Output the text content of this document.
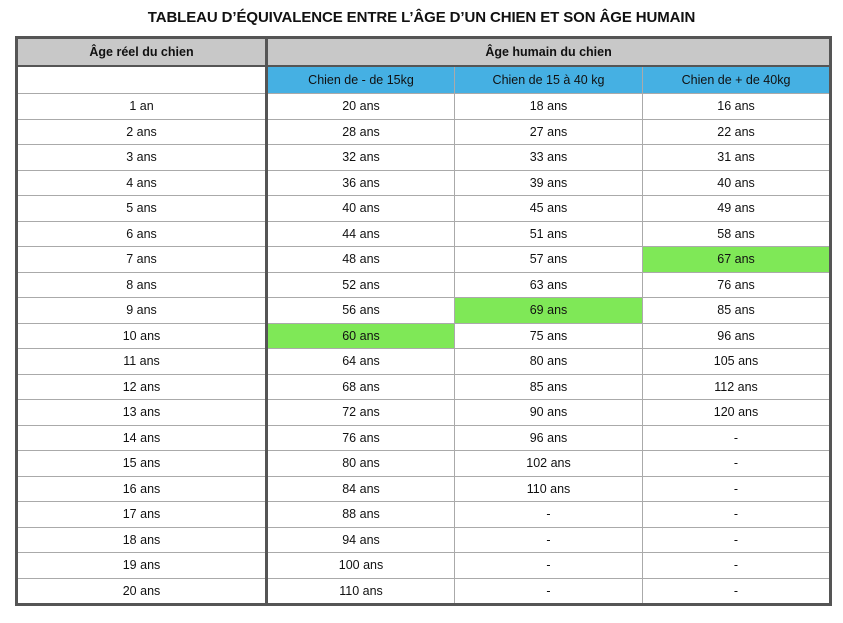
TABLEAU D’ÉQUIVALENCE ENTRE L’ÂGE D’UN CHIEN ET SON ÂGE HUMAIN
Âge réel du chien	Âge humain du chien		
	Chien de - de 15kg	Chien de 15 à 40 kg	Chien de + de 40kg
1 an	20 ans	18 ans	16 ans
2 ans	28 ans	27 ans	22 ans
3 ans	32 ans	33 ans	31 ans
4 ans	36 ans	39 ans	40 ans
5 ans	40 ans	45 ans	49 ans
6 ans	44 ans	51 ans	58 ans
7 ans	48 ans	57 ans	67 ans
8 ans	52 ans	63 ans	76 ans
9 ans	56 ans	69 ans	85 ans
10 ans	60 ans	75 ans	96 ans
11 ans	64 ans	80 ans	105 ans
12 ans	68 ans	85 ans	112 ans
13 ans	72 ans	90 ans	120 ans
14 ans	76 ans	96 ans	-
15 ans	80 ans	102 ans	-
16 ans	84 ans	110 ans	-
17 ans	88 ans	-	-
18 ans	94 ans	-	-
19 ans	100 ans	-	-
20 ans	110 ans	-	-
